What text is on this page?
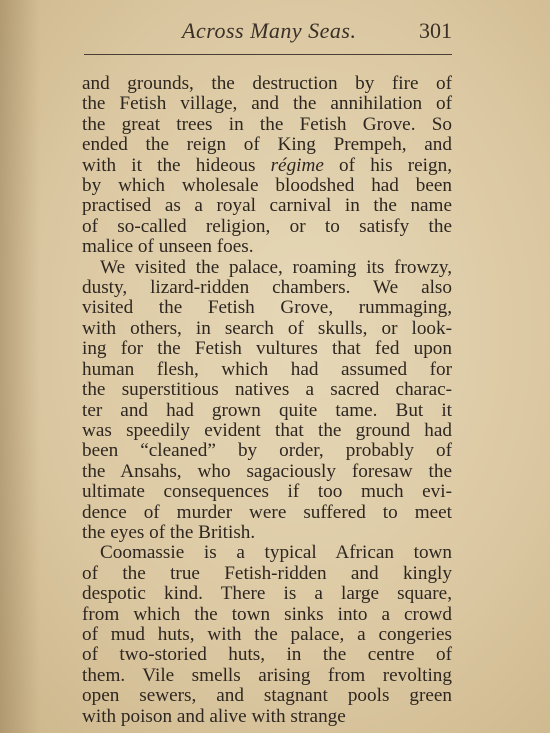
Across Many Seas.	301

and grounds, the destruction by fire of
the Fetish village, and the annihilation of
the great trees in the Fetish Grove. So
ended the reign of King Prempeh, and
with it the hideous régime of his reign,
by which wholesale bloodshed had been
practised as a royal carnival in the name
of so-called religion, or to satisfy the
malice of unseen foes.

We visited the palace, roaming its frowzy,
dusty, lizard-ridden chambers. We also
visited the Fetish Grove, rummaging,
with others, in search of skulls, or look-
ing for the Fetish vultures that fed upon
human flesh, which had assumed for
the superstitious natives a sacred charac-
ter and had grown quite tame. But it
was speedily evident that the ground had
been “cleaned” by order, probably of
the Ansahs, who sagaciously foresaw the
ultimate consequences if too much evi-
dence of murder were suffered to meet
the eyes of the British.

Coomassie is a typical African town
of the true Fetish-ridden and kingly
despotic kind. There is a large square,
from which the town sinks into a crowd
of mud huts, with the palace, a congeries
of two-storied huts, in the centre of
them. Vile smells arising from revolting
open sewers, and stagnant pools green
with poison and alive with strange
